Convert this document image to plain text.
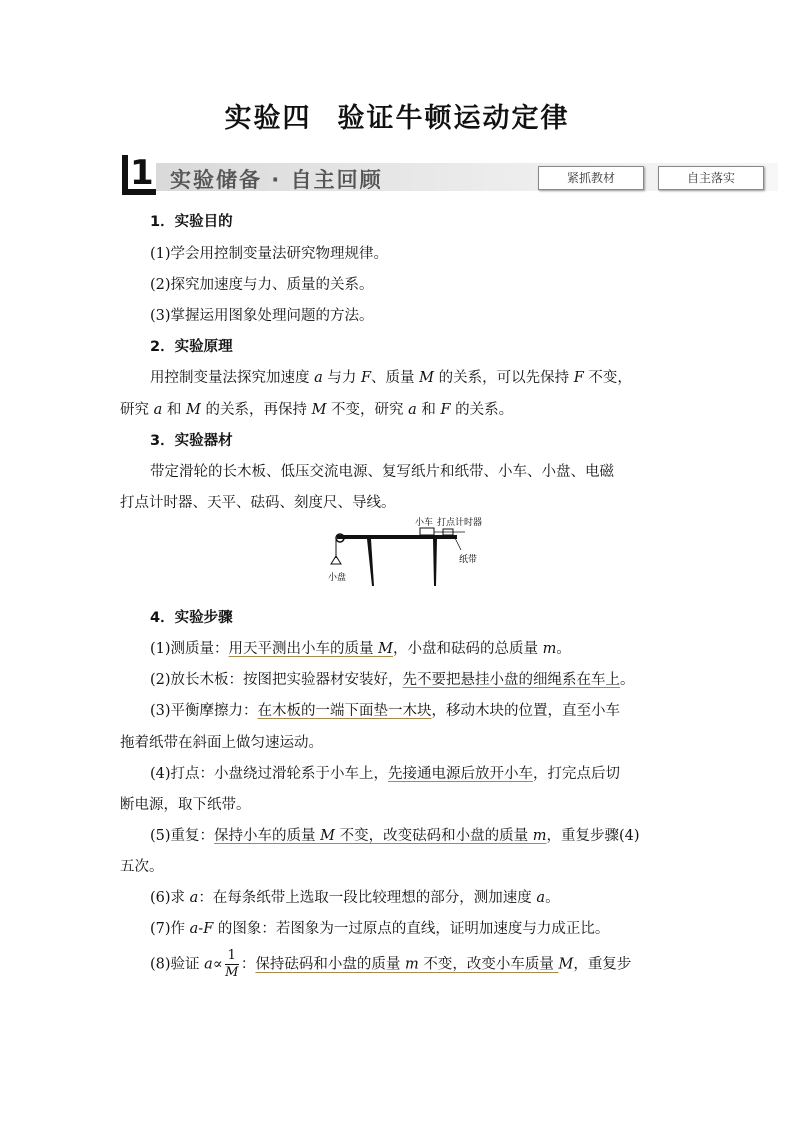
实验四 验证牛顿运动定律
1 实验储备 · 自主回顾	紧抓教材	自主落实
1．实验目的
(1)学会用控制变量法研究物理规律。
(2)探究加速度与力、质量的关系。
(3)掌握运用图象处理问题的方法。
2．实验原理
用控制变量法探究加速度 a 与力 F、质量 M 的关系，可以先保持 F 不变，
研究 a 和 M 的关系，再保持 M 不变，研究 a 和 F 的关系。
3．实验器材
带定滑轮的长木板、低压交流电源、复写纸片和纸带、小车、小盘、电磁
打点计时器、天平、砝码、刻度尺、导线。
小车 打点计时器
纸带
小盘
4．实验步骤
(1)测质量：用天平测出小车的质量 M，小盘和砝码的总质量 m。
(2)放长木板：按图把实验器材安装好，先不要把悬挂小盘的细绳系在车上。
(3)平衡摩擦力：在木板的一端下面垫一木块，移动木块的位置，直至小车
拖着纸带在斜面上做匀速运动。
(4)打点：小盘绕过滑轮系于小车上，先接通电源后放开小车，打完点后切
断电源，取下纸带。
(5)重复：保持小车的质量 M 不变，改变砝码和小盘的质量 m，重复步骤(4)
五次。
(6)求 a：在每条纸带上选取一段比较理想的部分，测加速度 a。
(7)作 a-F 的图象：若图象为一过原点的直线，证明加速度与力成正比。
(8)验证 $a\propto \frac{1}{M}$ ：保持砝码和小盘的质量 m 不变，改变小车质量 M，重复步
